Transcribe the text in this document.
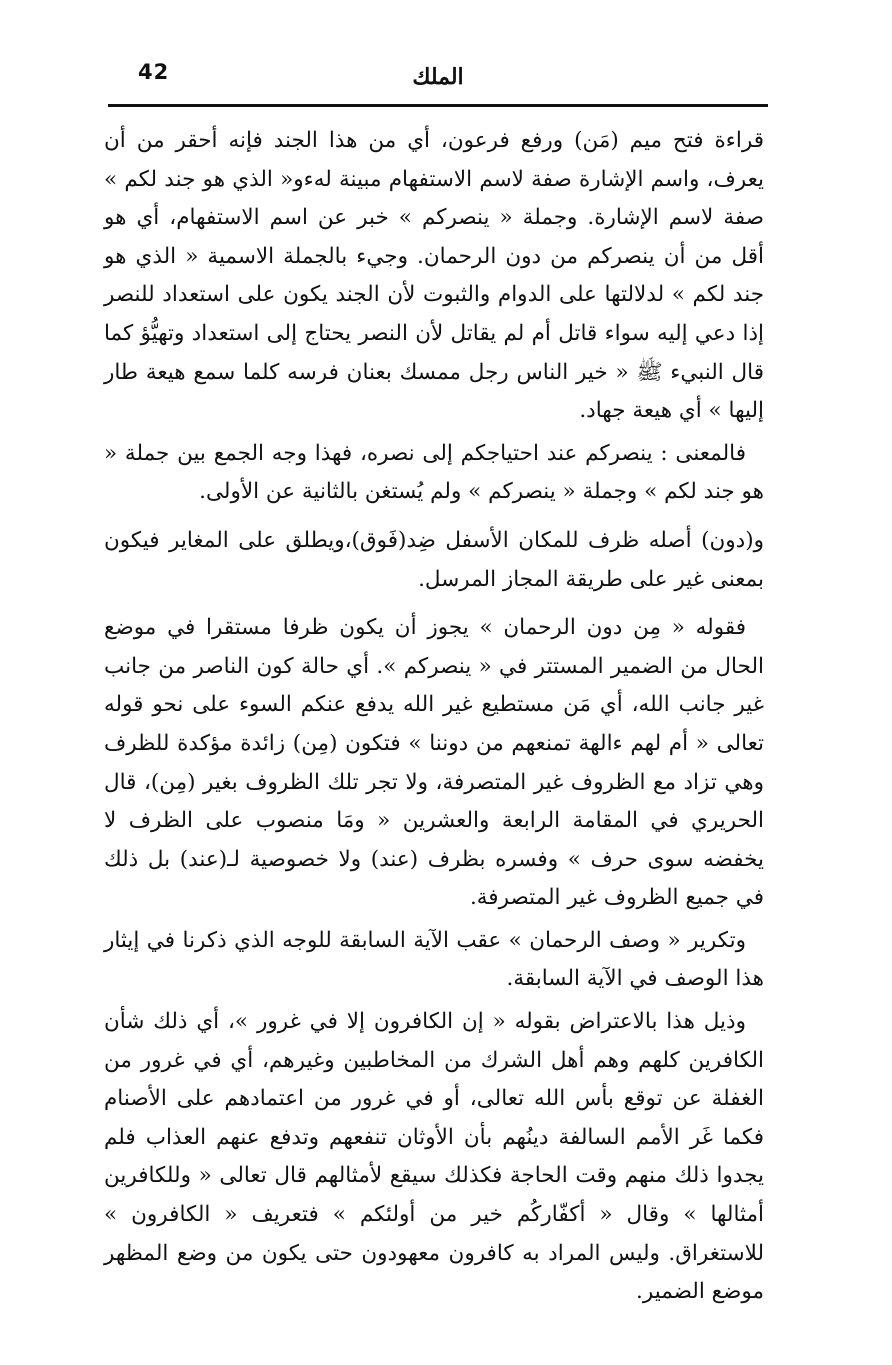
42	الملك

قراءة فتح ميم (مَن) ورفع فرعون، أي من هذا الجند فإنه أحقر من أن يعرف، واسم الإشارة صفة لاسم الاستفهام مبينة لهءو« الذي هو جند لكم » صفة لاسم الإشارة. وجملة « ينصركم » خبر عن اسم الاستفهام، أي هو أقل من أن ينصركم من دون الرحمان. وجيء بالجملة الاسمية « الذي هو جند لكم » لدلالتها على الدوام والثبوت لأن الجند يكون على استعداد للنصر إذا دعي إليه سواء قاتل أم لم يقاتل لأن النصر يحتاج إلى استعداد وتهيُّؤ كما قال النبيء ﷺ « خير الناس رجل ممسك بعنان فرسه كلما سمع هيعة طار إليها » أي هيعة جهاد.

فالمعنى : ينصركم عند احتياجكم إلى نصره، فهذا وجه الجمع بين جملة « هو جند لكم » وجملة « ينصركم » ولم يُستغن بالثانية عن الأولى.

و(دون) أصله ظرف للمكان الأسفل ضِد(فَوق)،ويطلق على المغاير فيكون بمعنى غير على طريقة المجاز المرسل.

فقوله « مِن دون الرحمان » يجوز أن يكون ظرفا مستقرا في موضع الحال من الضمير المستتر في « ينصركم ». أي حالة كون الناصر من جانب غير جانب الله، أي مَن مستطيع غير الله يدفع عنكم السوء على نحو قوله تعالى « أم لهم ءالهة تمنعهم من دوننا » فتكون (مِن) زائدة مؤكدة للظرف وهي تزاد مع الظروف غير المتصرفة، ولا تجر تلك الظروف بغير (مِن)، قال الحريري في المقامة الرابعة والعشرين « ومَا منصوب على الظرف لا يخفضه سوى حرف » وفسره بظرف (عند) ولا خصوصية لـ(عند) بل ذلك في جميع الظروف غير المتصرفة.

وتكرير « وصف الرحمان » عقب الآية السابقة للوجه الذي ذكرنا في إيثار هذا الوصف في الآية السابقة.

وذيل هذا بالاعتراض بقوله « إن الكافرون إلا في غرور »، أي ذلك شأن الكافرين كلهم وهم أهل الشرك من المخاطبين وغيرهم، أي في غرور من الغفلة عن توقع بأس الله تعالى، أو في غرور من اعتمادهم على الأصنام فكما غَر الأمم السالفة دينُهم بأن الأوثان تنفعهم وتدفع عنهم العذاب فلم يجدوا ذلك منهم وقت الحاجة فكذلك سيقع لأمثالهم قال تعالى « وللكافرين أمثالها » وقال « أكفّاركُم خير من أولئكم » فتعريف « الكافرون » للاستغراق. وليس المراد به كافرون معهودون حتى يكون من وضع المظهر موضع الضمير.
